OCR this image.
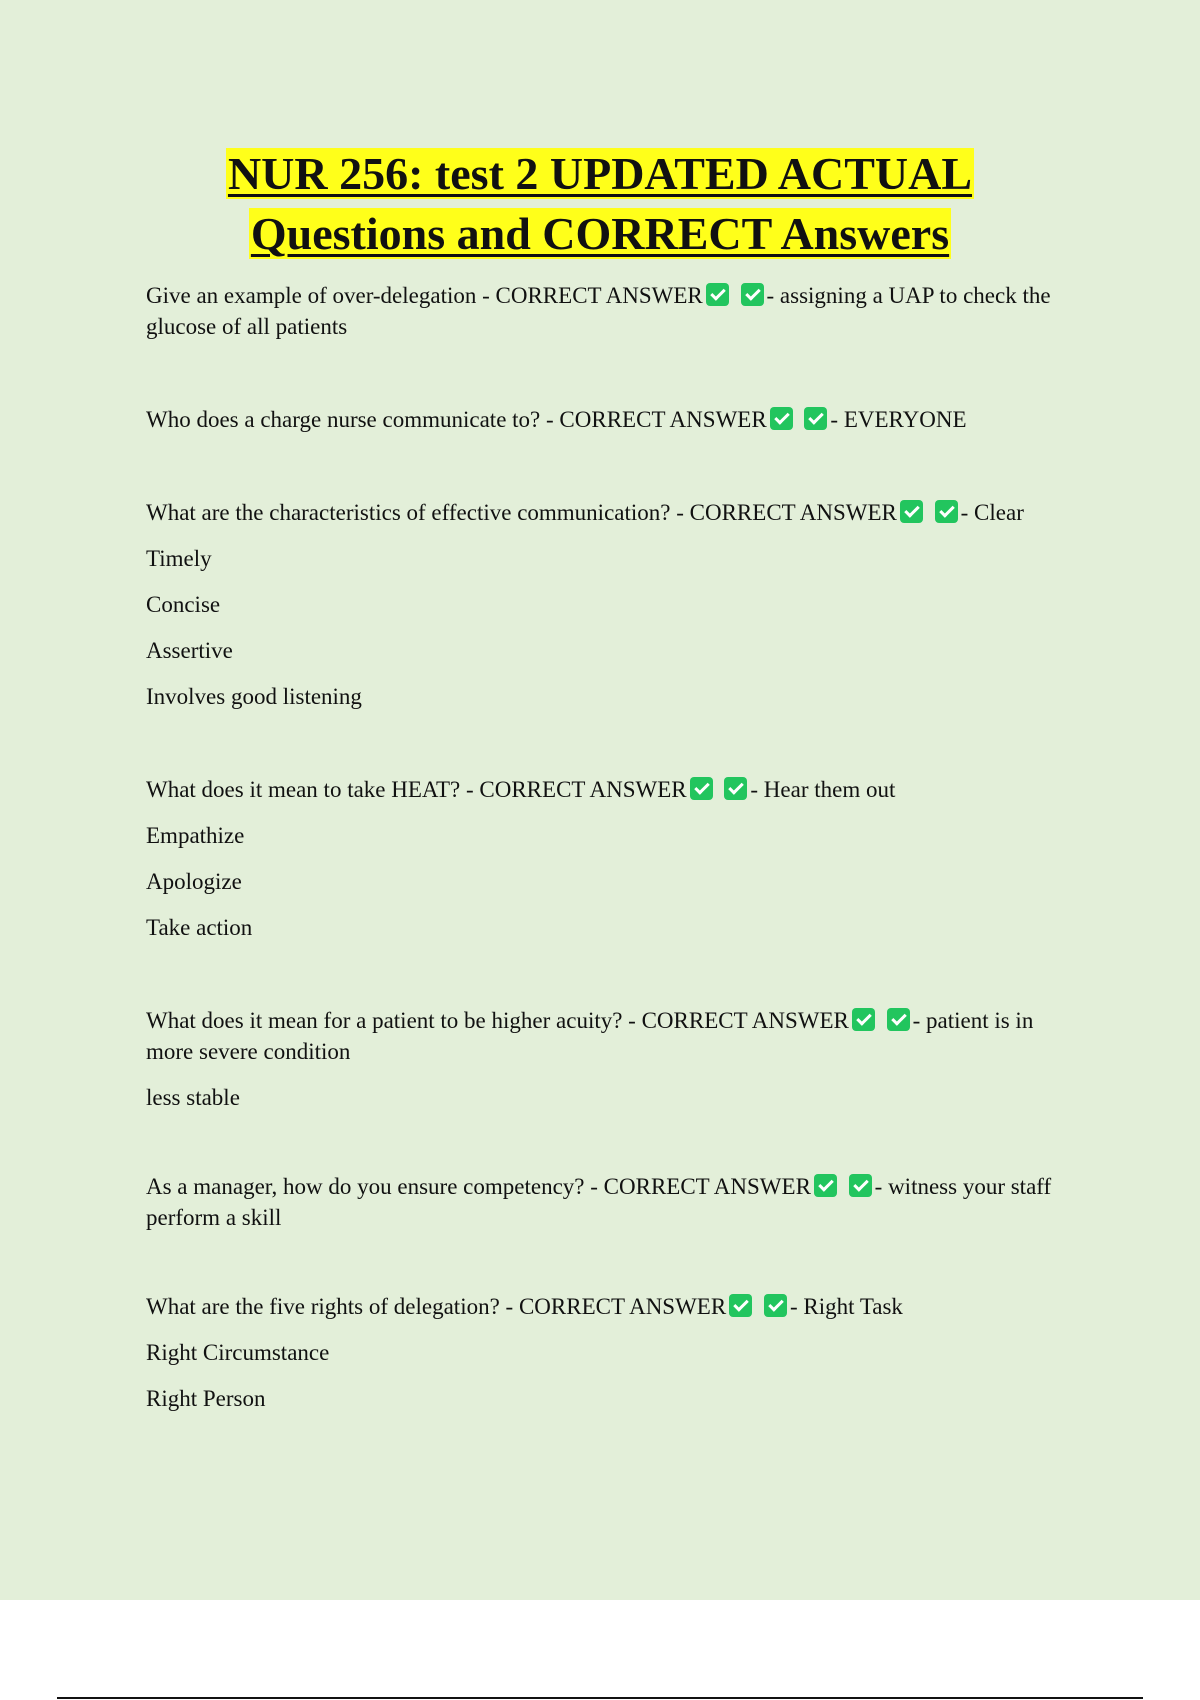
NUR 256: test 2 UPDATED ACTUAL
Questions and CORRECT Answers

Give an example of over-delegation - CORRECT ANSWER	- assigning a UAP to check the glucose of all patients

Who does a charge nurse communicate to? - CORRECT ANSWER	- EVERYONE

What are the characteristics of effective communication? - CORRECT ANSWER	- Clear

Timely

Concise

Assertive

Involves good listening

What does it mean to take HEAT? - CORRECT ANSWER	- Hear them out

Empathize

Apologize

Take action

What does it mean for a patient to be higher acuity? - CORRECT ANSWER	- patient is in more severe condition

less stable

As a manager, how do you ensure competency? - CORRECT ANSWER	- witness your staff perform a skill

What are the five rights of delegation? - CORRECT ANSWER	- Right Task

Right Circumstance

Right Person
